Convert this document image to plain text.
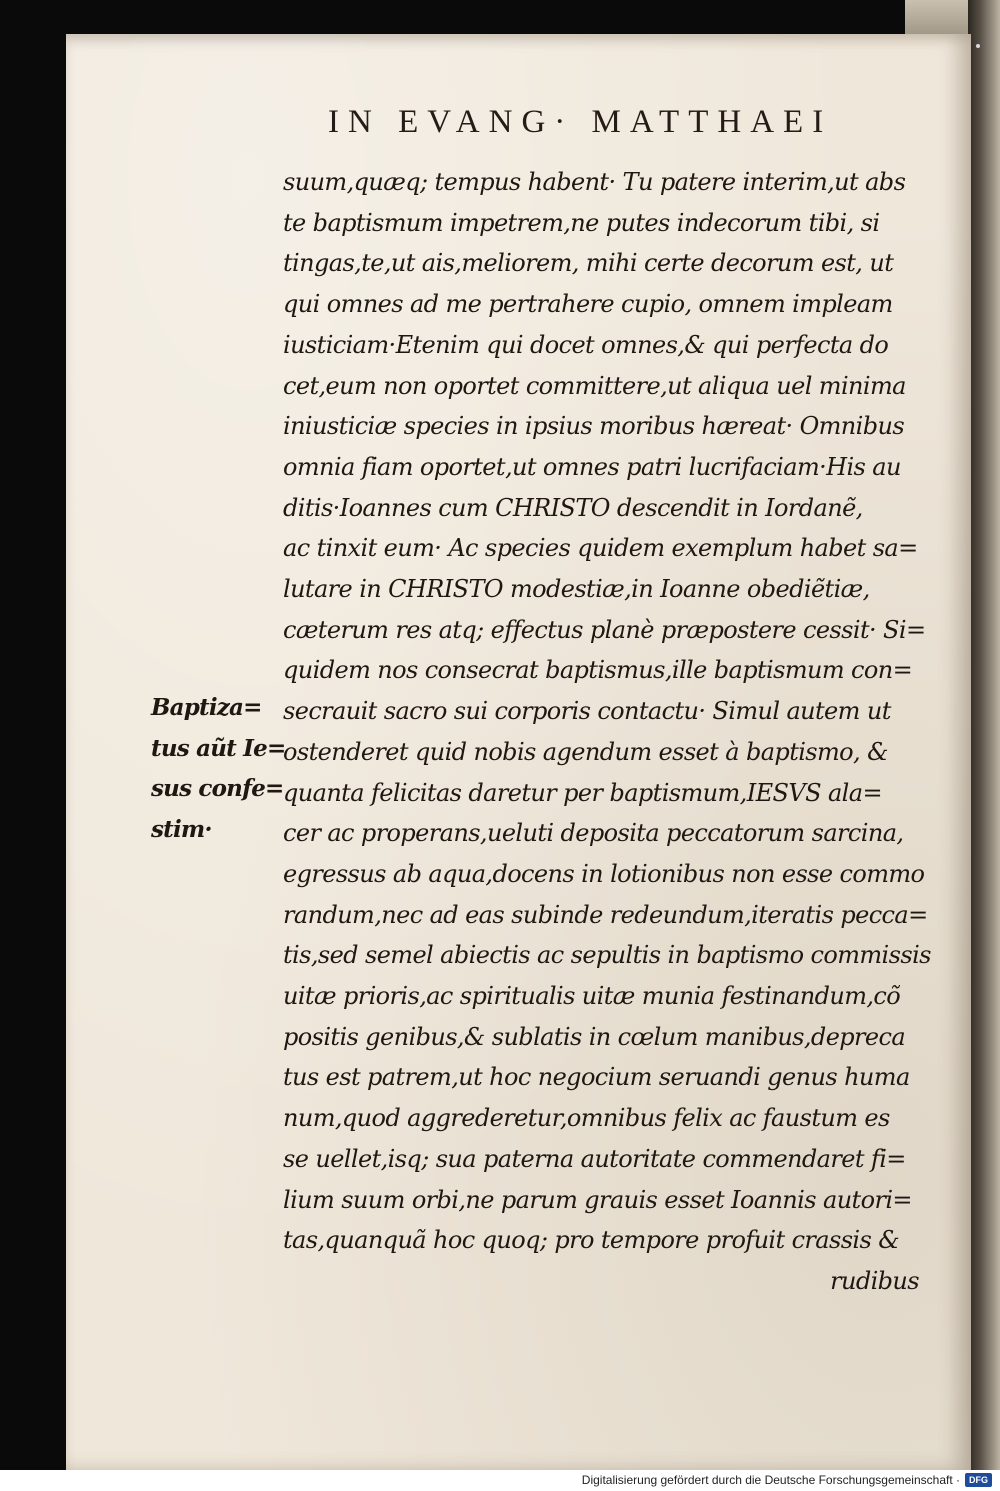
IN EVANG· MATTHAEI
suum,quæq; tempus habent· Tu patere interim,ut abs
te baptismum impetrem,ne putes indecorum tibi, si
tingas,te,ut ais,meliorem, mihi certe decorum est, ut
qui omnes ad me pertrahere cupio, omnem impleam
iusticiam·Etenim qui docet omnes,& qui perfecta do
cet,eum non oportet committere,ut aliqua uel minima
iniusticiæ species in ipsius moribus hæreat· Omnibus
omnia fiam oportet,ut omnes patri lucrifaciam·His au
ditis·Ioannes cum CHRISTO descendit in Iordanẽ,
ac tinxit eum· Ac species quidem exemplum habet sa=
lutare in CHRISTO modestiæ,in Ioanne obediẽtiæ,
cæterum res atq; effectus planè præpostere cessit· Si=
quidem nos consecrat baptismus,ille baptismum con=
secrauit sacro sui corporis contactu· Simul autem ut
ostenderet quid nobis agendum esset à baptismo, &
quanta felicitas daretur per baptismum,IESVS ala=
cer ac properans,ueluti deposita peccatorum sarcina,
egressus ab aqua,docens in lotionibus non esse commo
randum,nec ad eas subinde redeundum,iteratis pecca=
tis,sed semel abiectis ac sepultis in baptismo commissis
uitæ prioris,ac spiritualis uitæ munia festinandum,cõ
positis genibus,& sublatis in cœlum manibus,depreca
tus est patrem,ut hoc negocium seruandi genus huma
num,quod aggrederetur,omnibus felix ac faustum es
se uellet,isq; sua paterna autoritate commendaret fi=
lium suum orbi,ne parum grauis esset Ioannis autori=
tas,quanquã hoc quoq; pro tempore profuit crassis &
rudibus
Baptiza=
tus aũt Ie=
sus confe=
stim·
Digitalisierung gefördert durch die Deutsche Forschungsgemeinschaft ·	DFG
